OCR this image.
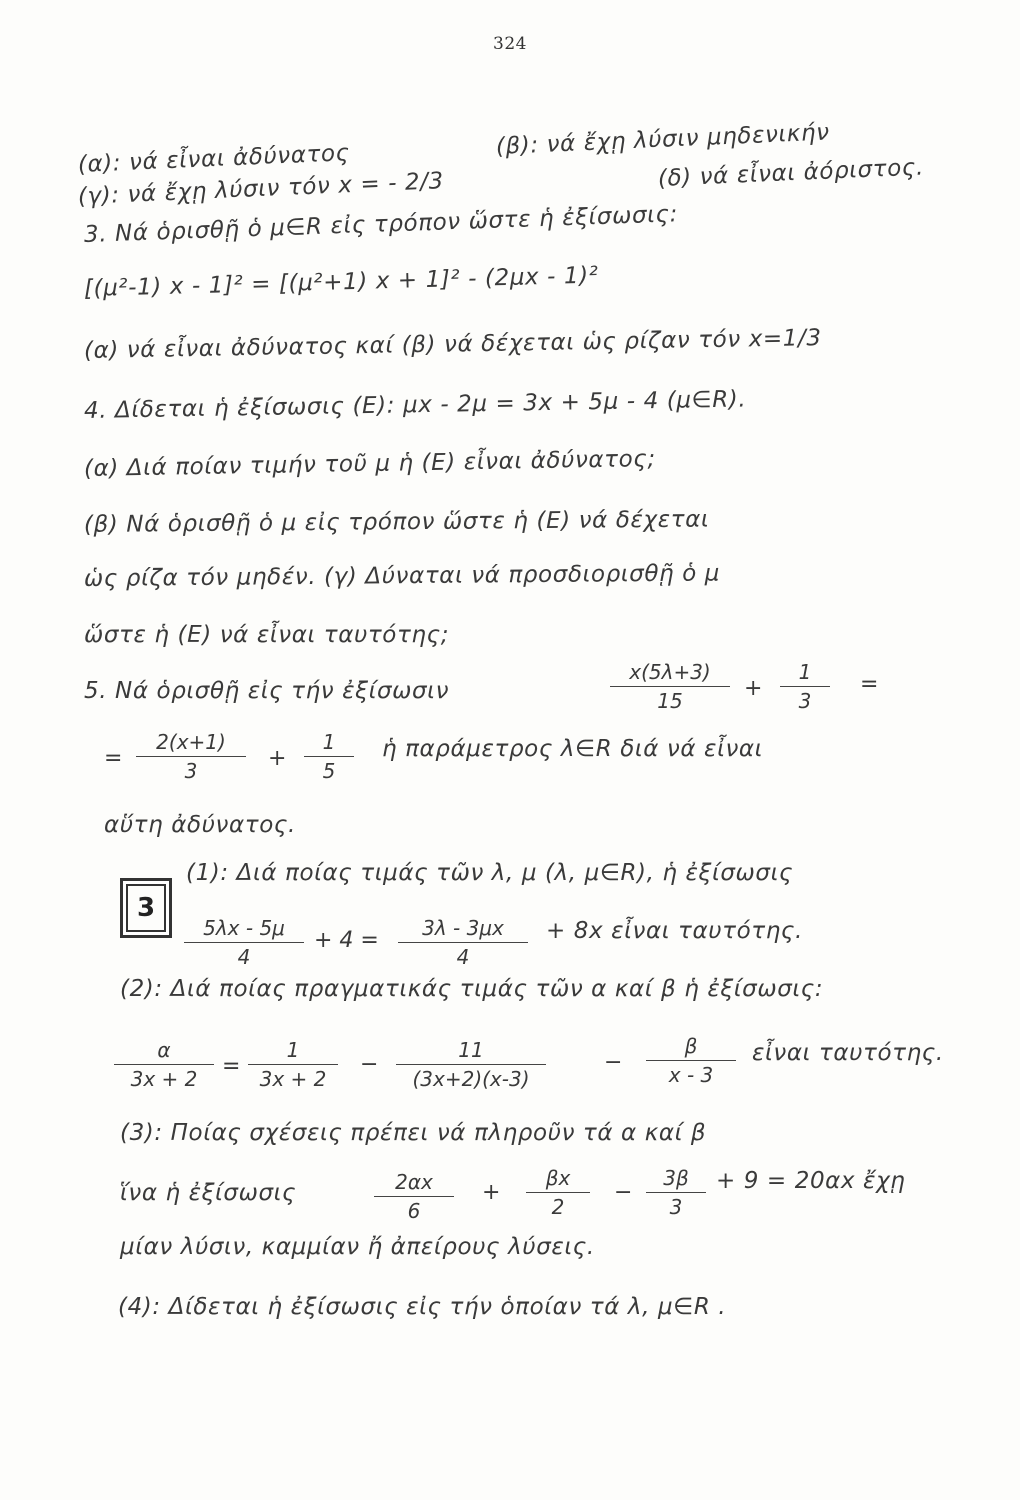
324
(α): νά εἶναι ἀδύνατος	(β): νά ἔχῃ λύσιν μηδενικήν
(γ): νά ἔχῃ λύσιν τόν x = - 2/3	(δ) νά εἶναι ἀόριστος.
3. Νά ὁρισθῇ ὁ μ∈R εἰς τρόπον ὥστε ἡ ἐξίσωσις:
[(μ²-1) x - 1]² = [(μ²+1) x + 1]² - (2μx - 1)²
(α) νά εἶναι ἀδύνατος καί (β) νά δέχεται ὡς ρίζαν τόν x=1/3
4. Δίδεται ἡ ἐξίσωσις (Ε): μx - 2μ = 3x + 5μ - 4 (μ∈R).
(α) Διά ποίαν τιμήν τοῦ μ ἡ (Ε) εἶναι ἀδύνατος;
(β) Νά ὁρισθῇ ὁ μ εἰς τρόπον ὥστε ἡ (Ε) νά δέχεται
ὡς ρίζα τόν μηδέν. (γ) Δύναται νά προσδιορισθῇ ὁ μ
ὥστε ἡ (Ε) νά εἶναι ταυτότης;
5. Νά ὁρισθῇ εἰς τήν ἐξίσωσιν	$\frac{x(5\lambda+3)}{15} + \frac{1}{3}$ =
= $\frac{2(x+1)}{3} + \frac{1}{5}$ ἡ παράμετρος λ∈R διά νά εἶναι
αὕτη ἀδύνατος.
3
(1): Διά ποίας τιμάς τῶν λ, μ (λ, μ∈R), ἡ ἐξίσωσις
$\frac{5\lambda x - 5\mu}{4} + 4 = \frac{3\lambda - 3\mu x}{4} + 8x$ εἶναι ταυτότης.
(2): Διά ποίας πραγματικάς τιμάς τῶν α καί β ἡ ἐξίσωσις:
$\frac{\alpha}{3x + 2} = \frac{1}{3x + 2} - \frac{11}{(3x+2)(x-3)}$	− $\frac{\beta}{x - 3}$ εἶναι ταυτότης.
(3): Ποίας σχέσεις πρέπει νά πληροῦν τά α καί β
ἵνα ἡ ἐξίσωσις	$\frac{2\alpha x}{6} + \frac{\beta x}{2} - \frac{3\beta}{3} + 9 = 20\alpha x$ ἔχῃ
μίαν λύσιν, καμμίαν ἤ ἀπείρους λύσεις.
(4): Δίδεται ἡ ἐξίσωσις εἰς τήν ὁποίαν τά λ, μ∈R .
